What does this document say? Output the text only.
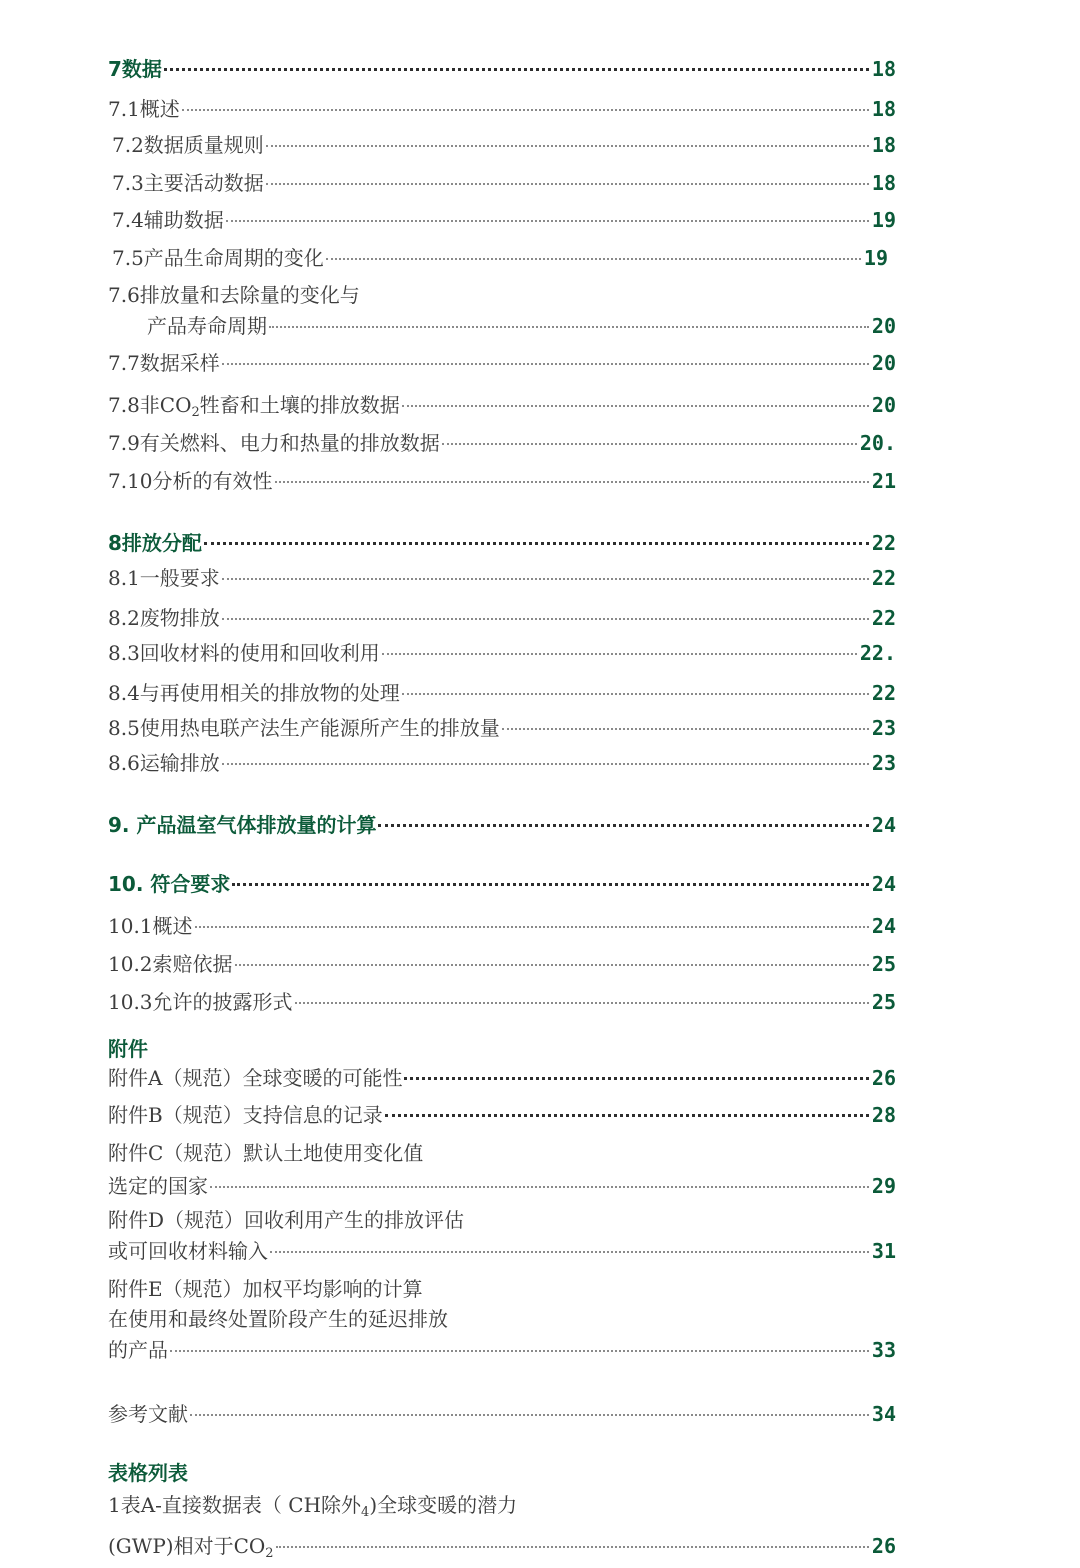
7数据	18
7.1概述	18
7.2数据质量规则	18
7.3主要活动数据	18
7.4辅助数据	19
7.5产品生命周期的变化	19
7.6排放量和去除量的变化与
产品寿命周期	20
7.7数据采样	20
7.8非$CO_2$牲畜和土壤的排放数据	20
7.9有关燃料、电力和热量的排放数据	20.
7.10分析的有效性	21
8排放分配	22
8.1一般要求	22
8.2废物排放	22
8.3回收材料的使用和回收利用	22.
8.4与再使用相关的排放物的处理	22
8.5使用热电联产法生产能源所产生的排放量	23
8.6运输排放	23
9. 产品温室气体排放量的计算	24
10. 符合要求	24
10.1概述	24
10.2索赔依据	25
10.3允许的披露形式	25
附件
附件A（规范）全球变暖的可能性	26
附件B（规范）支持信息的记录	28
附件C（规范）默认土地使用变化值
选定的国家	29
附件D（规范）回收利用产生的排放评估
或可回收材料输入	31
附件E（规范）加权平均影响的计算
在使用和最终处置阶段产生的延迟排放
的产品	33
参考文献	34
表格列表
1表A-直接数据表（ CH除外$_4$)全球变暖的潜力
(GWP)相对于$CO_2$	26
